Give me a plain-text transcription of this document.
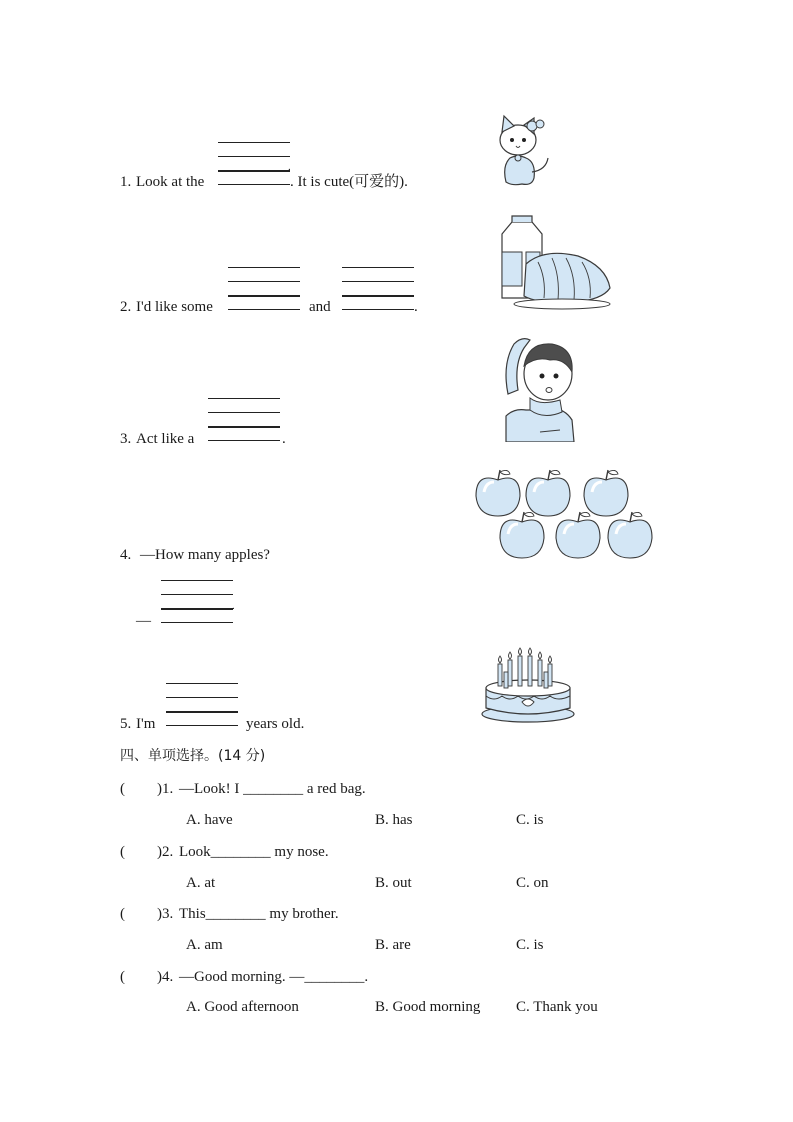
1. Look at the	. It is cute(可爱的).
.
2. I'd like some	and	.
3. Act like a	.
4. —How many apples?
—
.
5. I'm	years old.
四、单项选择。(14 分)
( )1. —Look! I ________ a red bag.
A. have	B. has	C. is
( )2. Look________ my nose.
A. at	B. out	C. on
( )3. This________ my brother.
A. am	B. are	C. is
( )4. —Good morning. —________.
A. Good afternoon	B. Good morning C. Thank you
